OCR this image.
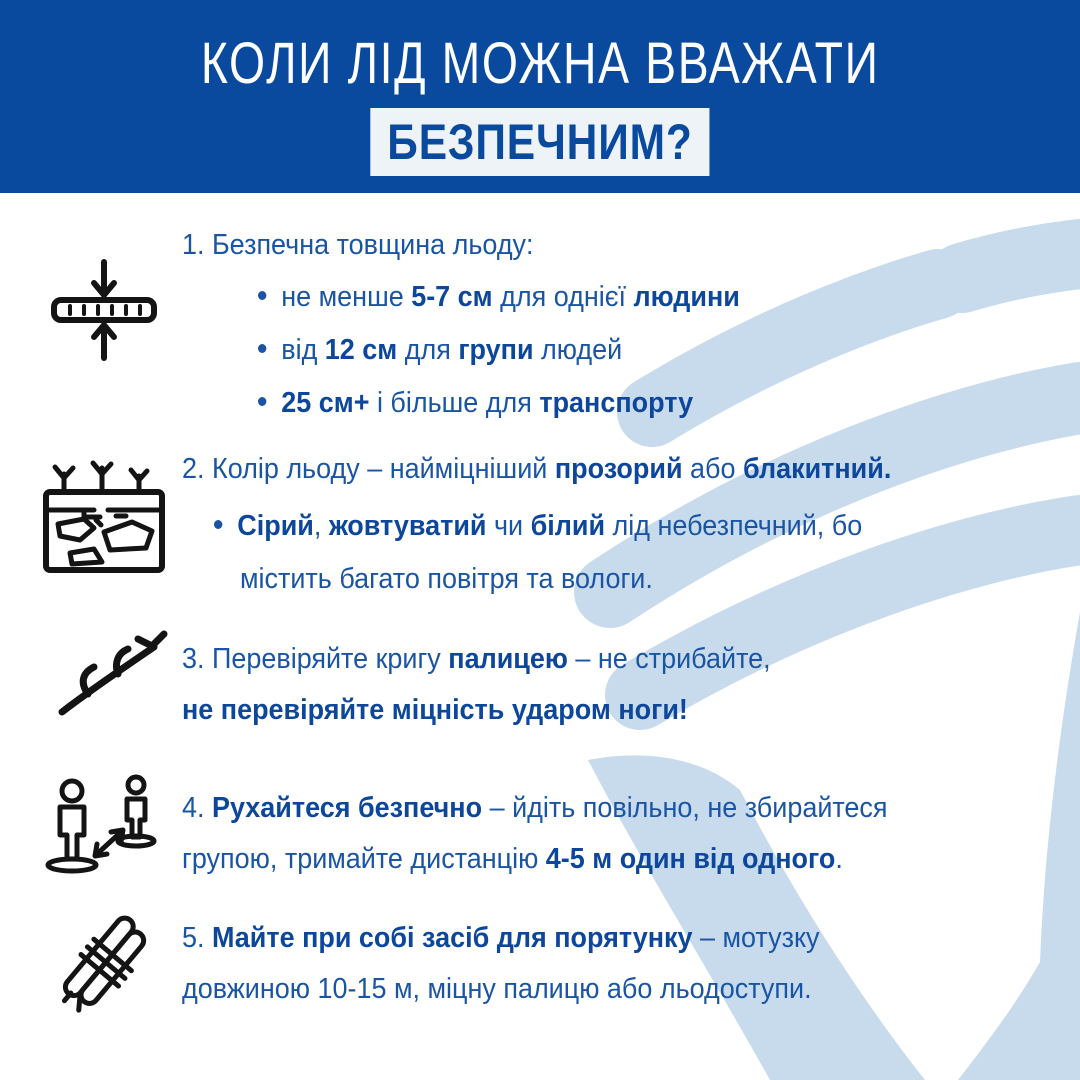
КОЛИ ЛІД МОЖНА ВВАЖАТИ
БЕЗПЕЧНИМ?
1. Безпечна товщина льоду:
не менше 5-7 см для однієї людини
від 12 см для групи людей
25 см+ і більше для транспорту
2. Колір льоду – найміцніший прозорий або блакитний.
Сірий, жовтуватий чи білий лід небезпечний, бо
містить багато повітря та вологи.
3. Перевіряйте кригу палицею – не стрибайте,
не перевіряйте міцність ударом ноги!
4. Рухайтеся безпечно – йдіть повільно, не збирайтеся
групою, тримайте дистанцію 4-5 м один від одного.
5. Майте при собі засіб для порятунку – мотузку
довжиною 10-15 м, міцну палицю або льодоступи.
